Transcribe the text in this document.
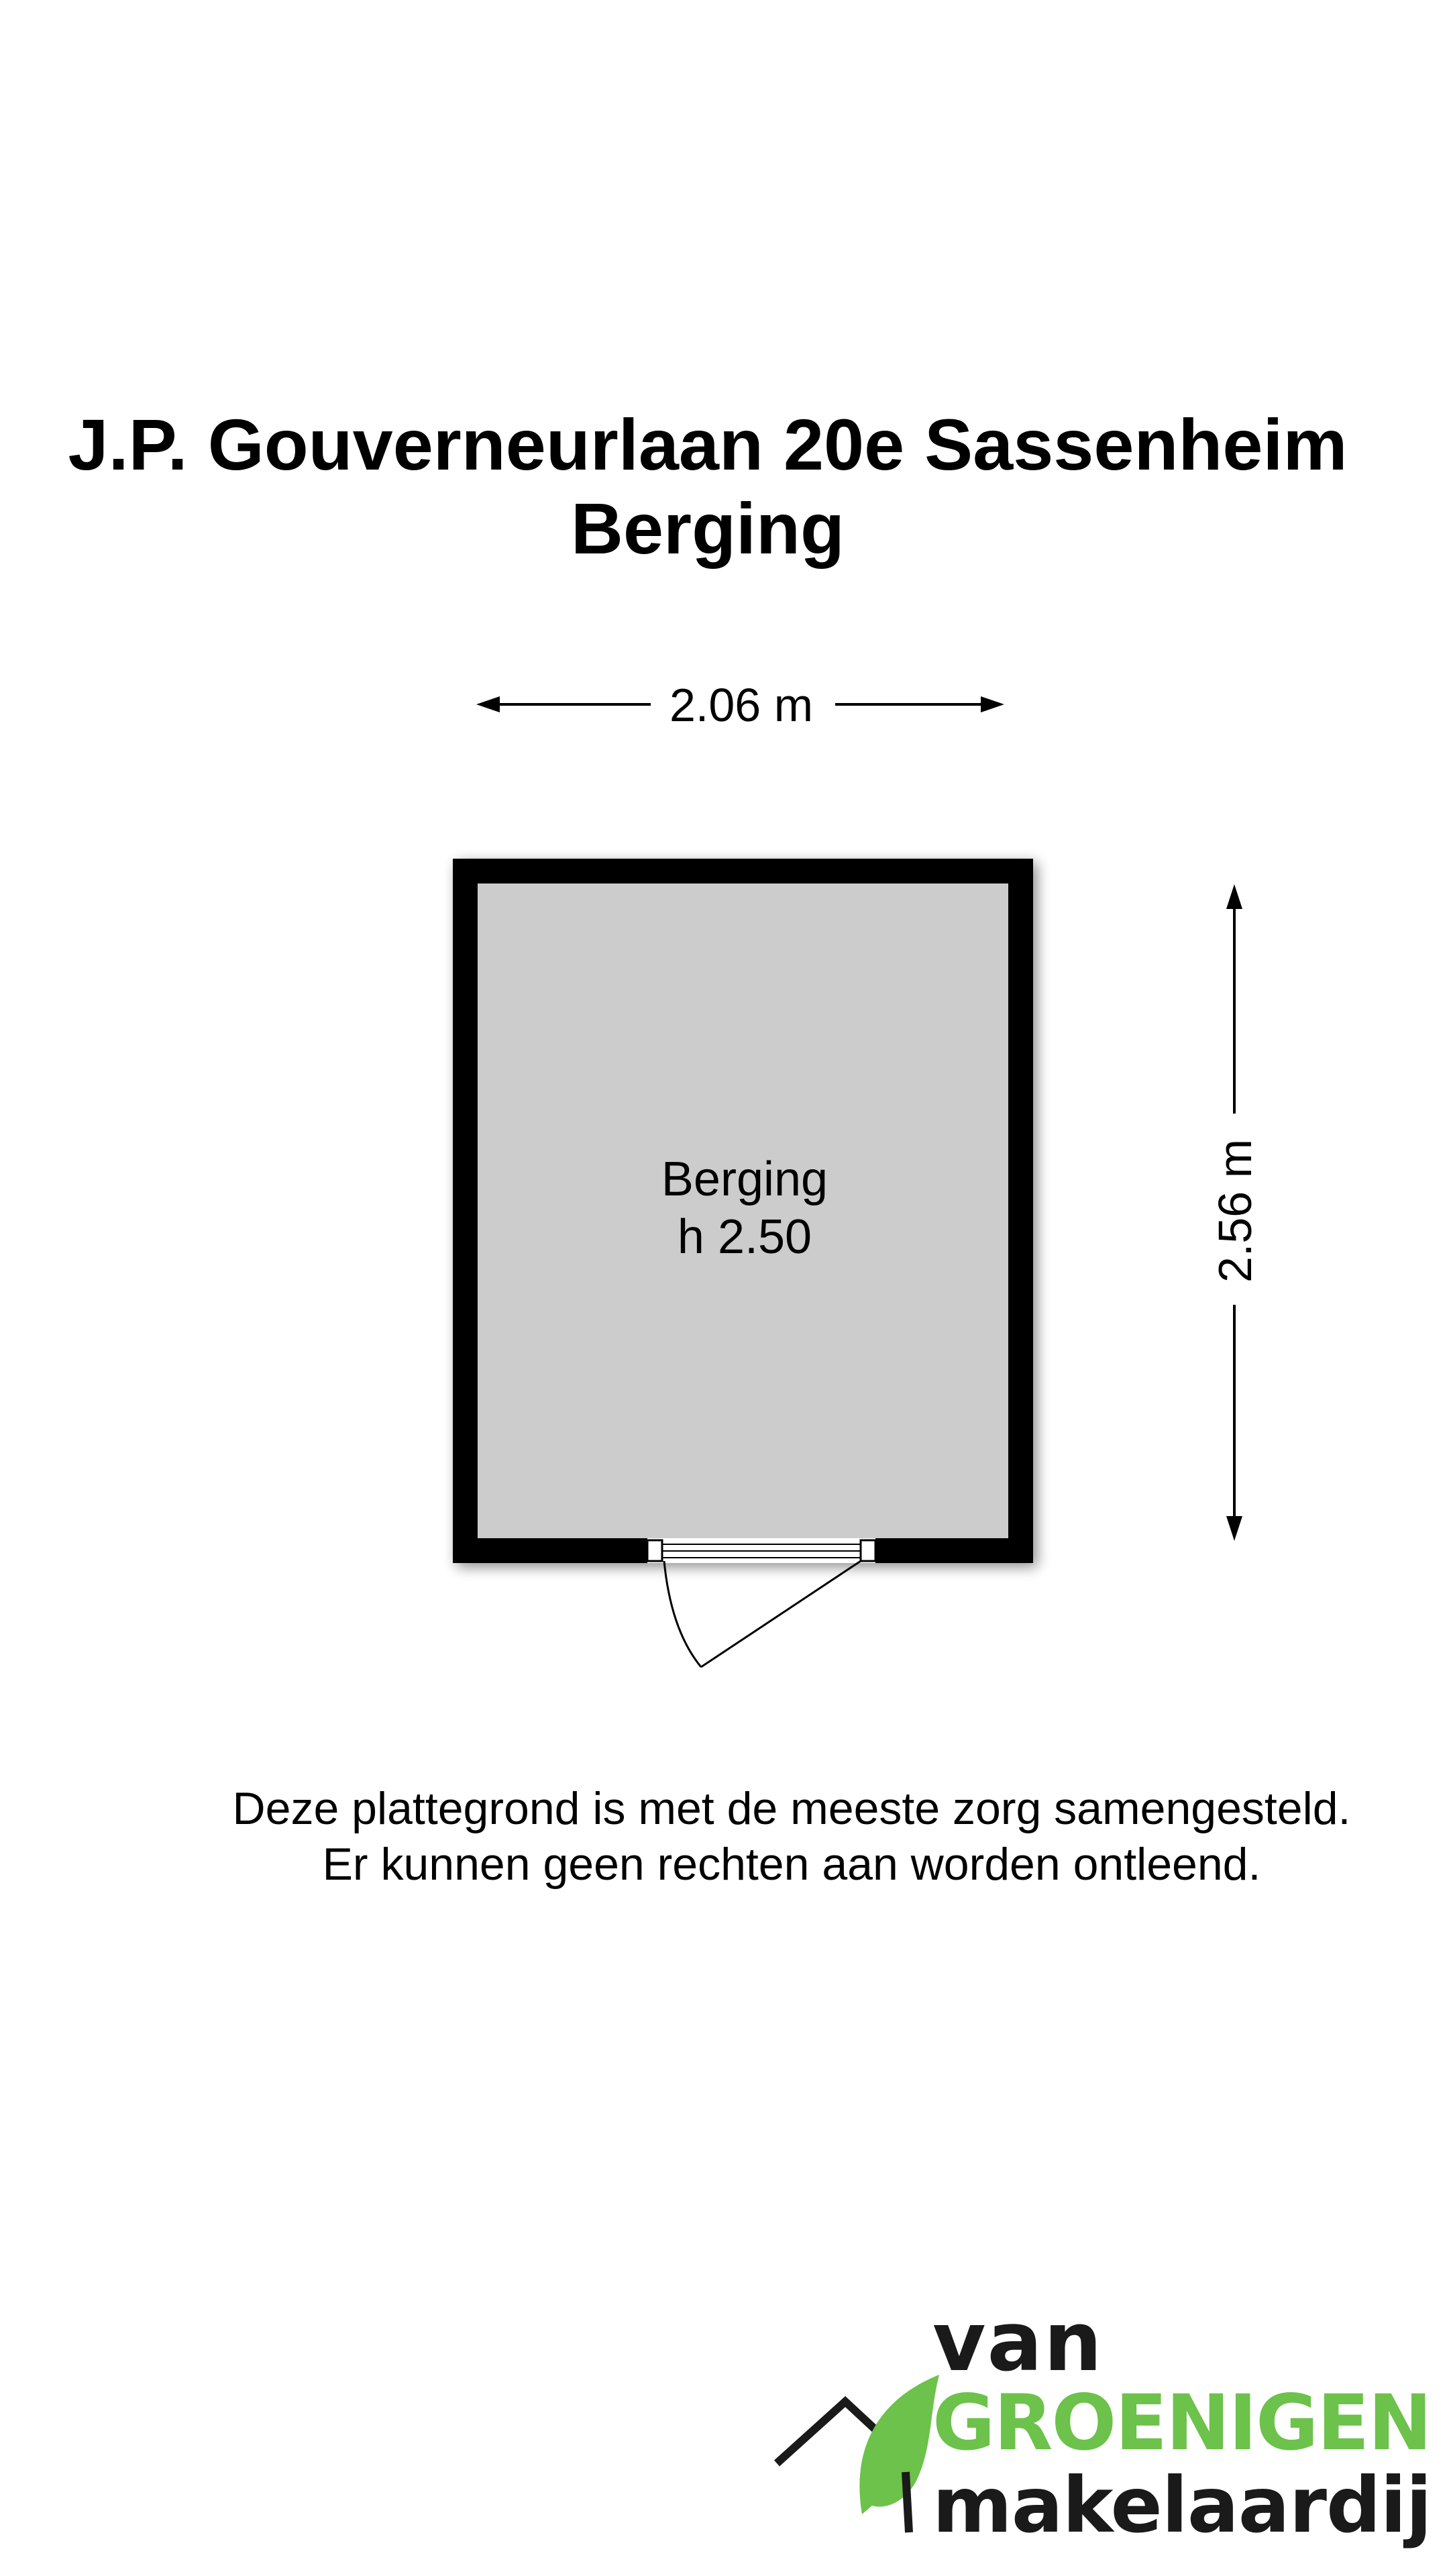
J.P. Gouverneurlaan 20e Sassenheim
Berging
2.06 m
2.56 m
Berging
h 2.50
Deze plattegrond is met de meeste zorg samengesteld.
Er kunnen geen rechten aan worden ontleend.
van
GROENIGEN
makelaardij
